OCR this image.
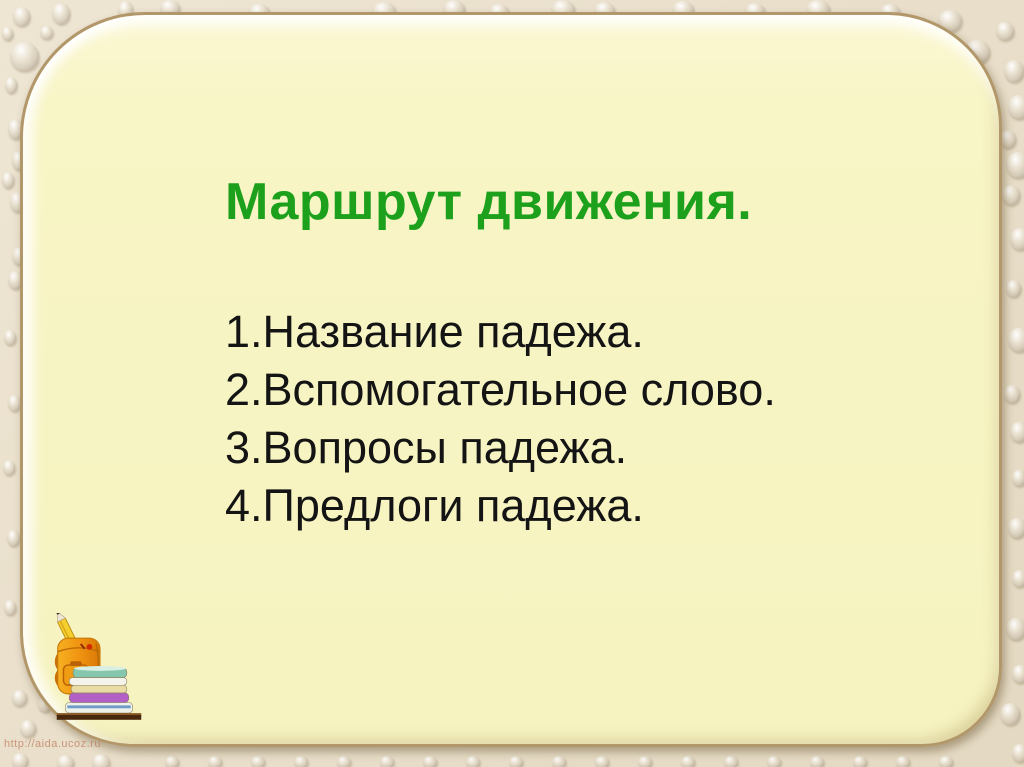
Маршрут движения.
1.Название падежа.
2.Вспомогательное слово.
3.Вопросы падежа.
4.Предлоги падежа.
http://aida.ucoz.ru
